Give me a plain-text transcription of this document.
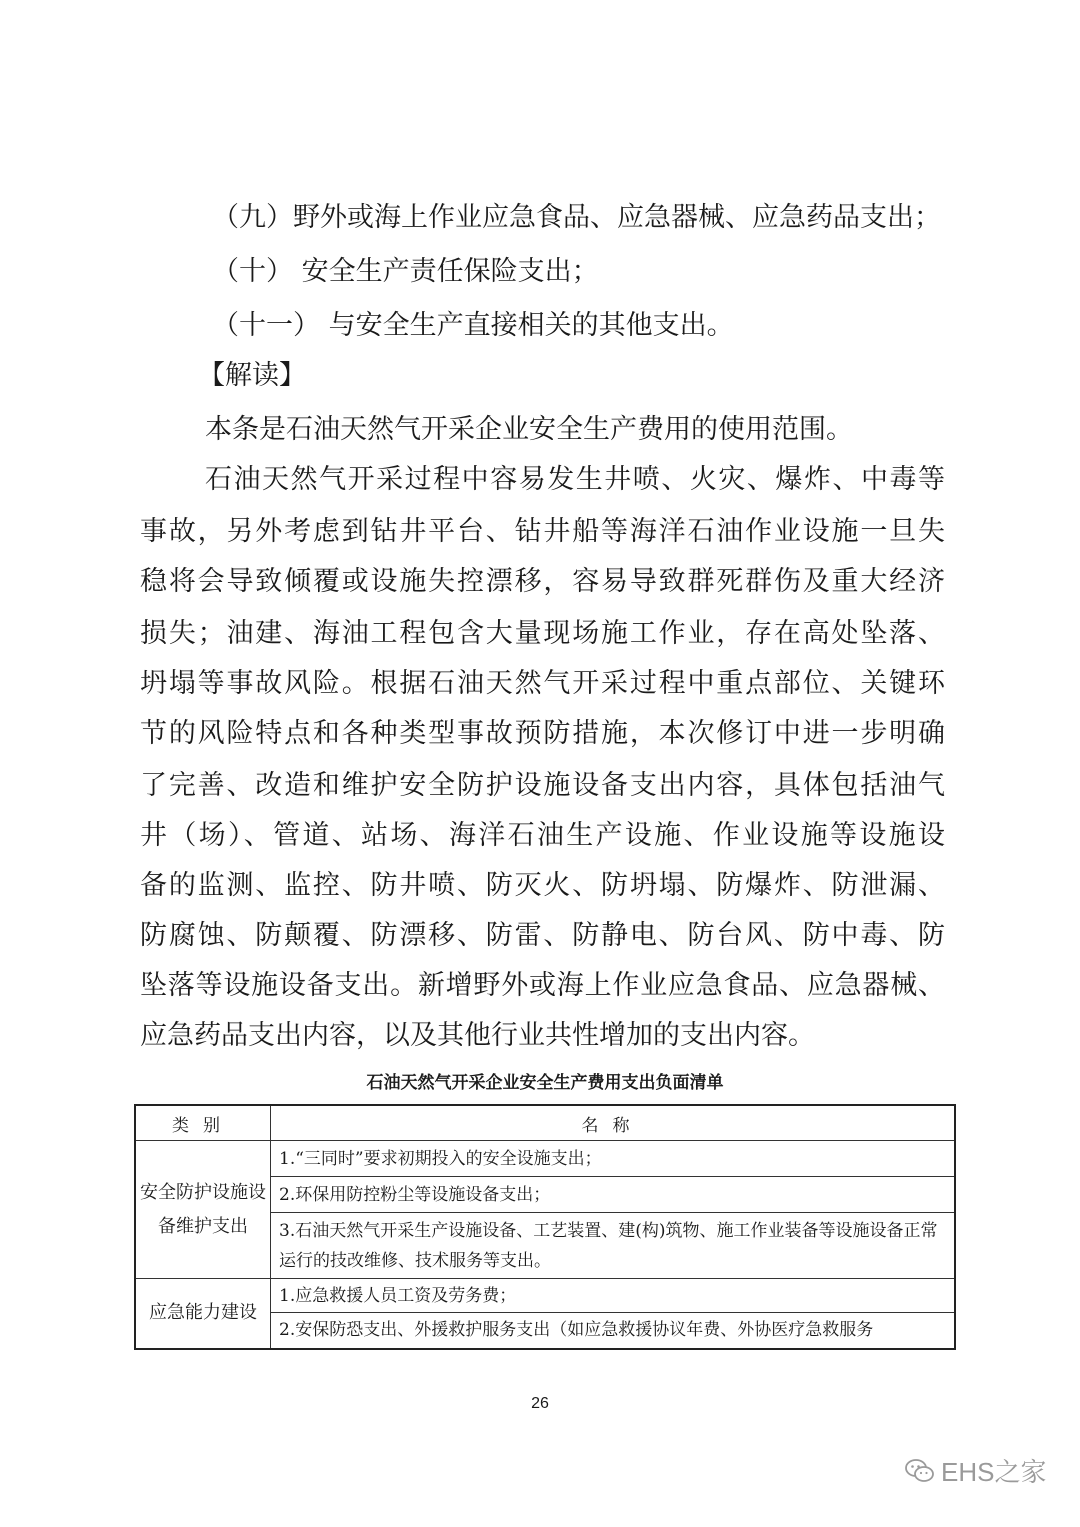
（九）野外或海上作业应急食品、应急器械、应急药品支出；
（十） 安全生产责任保险支出；
（十一） 与安全生产直接相关的其他支出。
【解读】
本条是石油天然气开采企业安全生产费用的使用范围。
石油天然气开采过程中容易发生井喷、火灾、爆炸、中毒等
事故，另外考虑到钻井平台、钻井船等海洋石油作业设施一旦失
稳将会导致倾覆或设施失控漂移，容易导致群死群伤及重大经济
损失；油建、海油工程包含大量现场施工作业，存在高处坠落、
坍塌等事故风险。根据石油天然气开采过程中重点部位、关键环
节的风险特点和各种类型事故预防措施，本次修订中进一步明确
了完善、改造和维护安全防护设施设备支出内容，具体包括油气
井（场）、管道、站场、海洋石油生产设施、作业设施等设施设
备的监测、监控、防井喷、防灭火、防坍塌、防爆炸、防泄漏、
防腐蚀、防颠覆、防漂移、防雷、防静电、防台风、防中毒、防
坠落等设施设备支出。新增野外或海上作业应急食品、应急器械、
应急药品支出内容，以及其他行业共性增加的支出内容。
石油天然气开采企业安全生产费用支出负面清单
类别	名称
安全防护设施设备维护支出	1.“三同时”要求初期投入的安全设施支出；
	2.环保用防控粉尘等设施设备支出；
	3.石油天然气开采生产设施设备、工艺装置、建(构)筑物、施工作业装备等设施设备正常运行的技改维修、技术服务等支出。
应急能力建设	1.应急救援人员工资及劳务费；
	2.安保防恐支出、外援救护服务支出（如应急救援协议年费、外协医疗急救服务
26
EHS之家
